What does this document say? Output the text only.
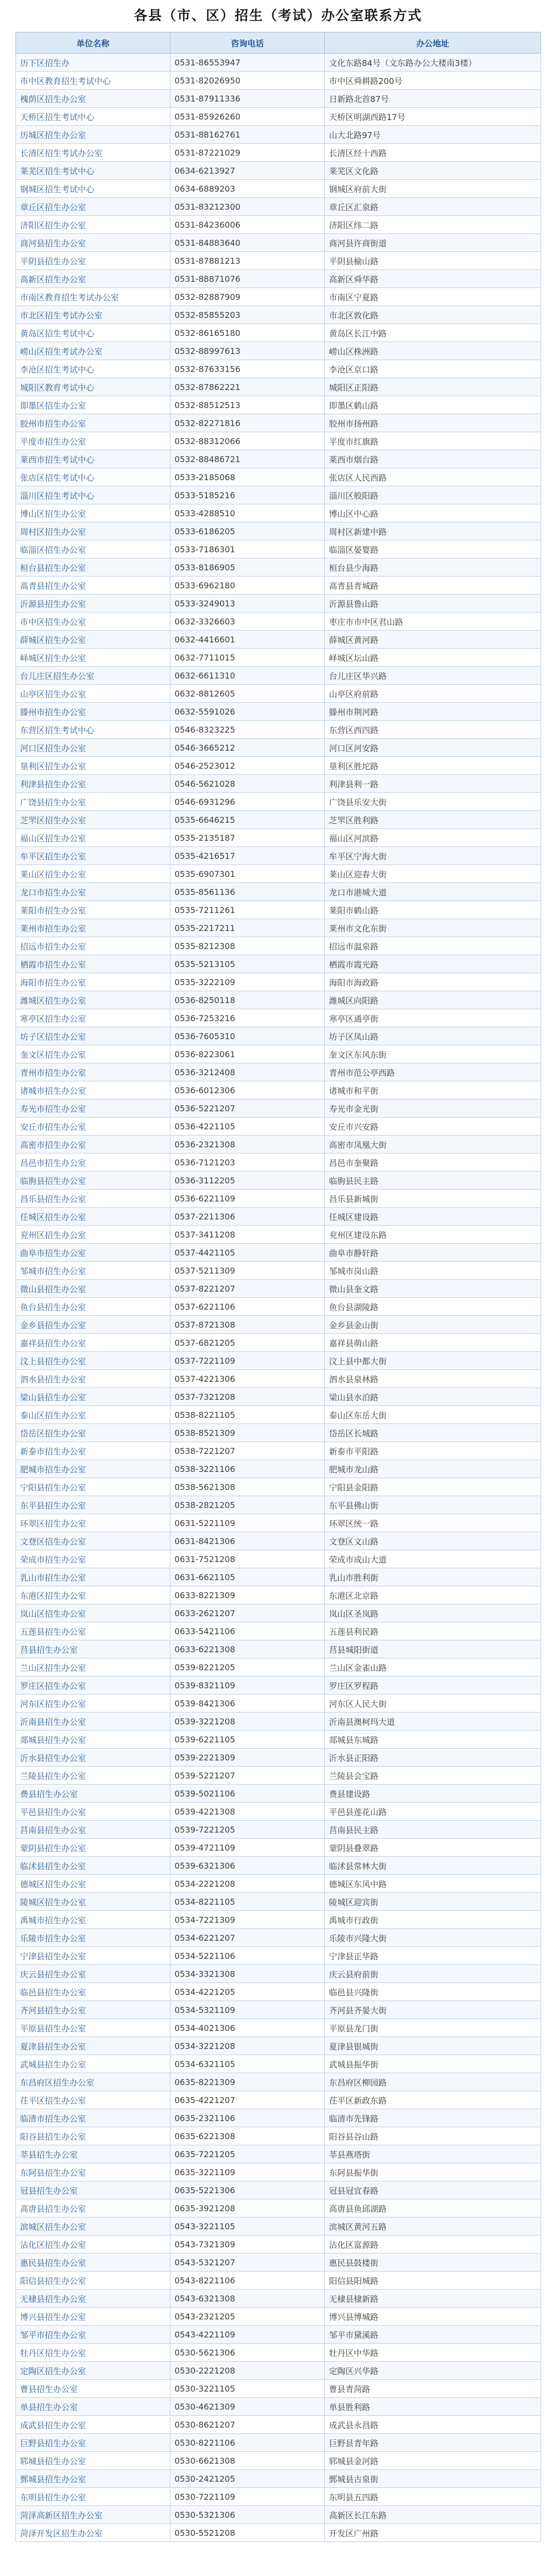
各县（市、区）招生（考试）办公室联系方式
单位名称	咨询电话	办公地址
历下区招生办	0531-86553947	文化东路84号（文东路办公大楼南3楼）
市中区教育招生考试中心	0531-82026950	市中区舜耕路200号
槐荫区招生办公室	0531-87911336	日新路北首87号
天桥区招生考试中心	0531-85926260	天桥区明湖西路17号
历城区招生办公室	0531-88162761	山大北路97号
长清区招生考试办公室	0531-87221029	长清区经十西路
莱芜区招生考试中心	0634-6213927	莱芜区文化路
钢城区招生考试中心	0634-6889203	钢城区府前大街
章丘区招生办公室	0531-83212300	章丘区汇泉路
济阳区招生办公室	0531-84236006	济阳区纬二路
商河县招生办公室	0531-84883640	商河县许商街道
平阴县招生办公室	0531-87881213	平阴县榆山路
高新区招生办公室	0531-88871076	高新区舜华路
市南区教育招生考试办公室	0532-82887909	市南区宁夏路
市北区招生考试办公室	0532-85855203	市北区敦化路
黄岛区招生考试中心	0532-86165180	黄岛区长江中路
崂山区招生考试办公室	0532-88997613	崂山区株洲路
李沧区招生考试中心	0532-87633156	李沧区京口路
城阳区教育考试中心	0532-87862221	城阳区正阳路
即墨区招生办公室	0532-88512513	即墨区鹤山路
胶州市招生办公室	0532-82271816	胶州市扬州路
平度市招生办公室	0532-88312066	平度市红旗路
莱西市招生考试中心	0532-88486721	莱西市烟台路
张店区招生考试中心	0533-2185068	张店区人民西路
淄川区招生考试中心	0533-5185216	淄川区般阳路
博山区招生办公室	0533-4288510	博山区中心路
周村区招生办公室	0533-6186205	周村区新建中路
临淄区招生办公室	0533-7186301	临淄区晏婴路
桓台县招生办公室	0533-8186905	桓台县少海路
高青县招生办公室	0533-6962180	高青县青城路
沂源县招生办公室	0533-3249013	沂源县鲁山路
市中区招生办公室	0632-3326603	枣庄市市中区君山路
薛城区招生办公室	0632-4416601	薛城区黄河路
峄城区招生办公室	0632-7711015	峄城区坛山路
台儿庄区招生办公室	0632-6611310	台儿庄区华兴路
山亭区招生办公室	0632-8812605	山亭区府前路
滕州市招生办公室	0632-5591026	滕州市荆河路
东营区招生考试中心	0546-8323225	东营区西四路
河口区招生办公室	0546-3665212	河口区河安路
垦利区招生办公室	0546-2523012	垦利区胜坨路
利津县招生办公室	0546-5621028	利津县利一路
广饶县招生办公室	0546-6931296	广饶县乐安大街
芝罘区招生办公室	0535-6646215	芝罘区胜利路
福山区招生办公室	0535-2135187	福山区河滨路
牟平区招生办公室	0535-4216517	牟平区宁海大街
莱山区招生办公室	0535-6907301	莱山区迎春大街
龙口市招生办公室	0535-8561136	龙口市港城大道
莱阳市招生办公室	0535-7211261	莱阳市鹤山路
莱州市招生办公室	0535-2217211	莱州市文化东街
招远市招生办公室	0535-8212308	招远市温泉路
栖霞市招生办公室	0535-5213105	栖霞市霞光路
海阳市招生办公室	0535-3222109	海阳市海政路
潍城区招生办公室	0536-8250118	潍城区向阳路
寒亭区招生办公室	0536-7253216	寒亭区通亭街
坊子区招生办公室	0536-7605310	坊子区凤山路
奎文区招生办公室	0536-8223061	奎文区东风东街
青州市招生办公室	0536-3212408	青州市范公亭西路
诸城市招生办公室	0536-6012306	诸城市和平街
寿光市招生办公室	0536-5221207	寿光市金光街
安丘市招生办公室	0536-4221105	安丘市兴安路
高密市招生办公室	0536-2321308	高密市凤凰大街
昌邑市招生办公室	0536-7121203	昌邑市奎聚路
临朐县招生办公室	0536-3112205	临朐县民主路
昌乐县招生办公室	0536-6221109	昌乐县新城街
任城区招生办公室	0537-2211306	任城区建设路
兖州区招生办公室	0537-3411208	兖州区建设东路
曲阜市招生办公室	0537-4421105	曲阜市静轩路
邹城市招生办公室	0537-5211309	邹城市岗山路
微山县招生办公室	0537-8221207	微山县奎文路
鱼台县招生办公室	0537-6221106	鱼台县湖陵路
金乡县招生办公室	0537-8721308	金乡县金山街
嘉祥县招生办公室	0537-6821205	嘉祥县萌山路
汶上县招生办公室	0537-7221109	汶上县中都大街
泗水县招生办公室	0537-4221306	泗水县泉林路
梁山县招生办公室	0537-7321208	梁山县水泊路
泰山区招生办公室	0538-8221105	泰山区东岳大街
岱岳区招生办公室	0538-8521309	岱岳区长城路
新泰市招生办公室	0538-7221207	新泰市平阳路
肥城市招生办公室	0538-3221106	肥城市龙山路
宁阳县招生办公室	0538-5621308	宁阳县金阳路
东平县招生办公室	0538-2821205	东平县佛山街
环翠区招生办公室	0631-5221109	环翠区统一路
文登区招生办公室	0631-8421306	文登区文山路
荣成市招生办公室	0631-7521208	荣成市成山大道
乳山市招生办公室	0631-6621105	乳山市胜利街
东港区招生办公室	0633-8221309	东港区北京路
岚山区招生办公室	0633-2621207	岚山区圣岚路
五莲县招生办公室	0633-5421106	五莲县利民路
莒县招生办公室	0633-6221308	莒县城阳街道
兰山区招生办公室	0539-8221205	兰山区金雀山路
罗庄区招生办公室	0539-8321109	罗庄区罗程路
河东区招生办公室	0539-8421306	河东区人民大街
沂南县招生办公室	0539-3221208	沂南县澳柯玛大道
郯城县招生办公室	0539-6221105	郯城县东城路
沂水县招生办公室	0539-2221309	沂水县正阳路
兰陵县招生办公室	0539-5221207	兰陵县会宝路
费县招生办公室	0539-5021106	费县建设路
平邑县招生办公室	0539-4221308	平邑县莲花山路
莒南县招生办公室	0539-7221205	莒南县民主路
蒙阴县招生办公室	0539-4721109	蒙阴县叠翠路
临沭县招生办公室	0539-6321306	临沭县常林大街
德城区招生办公室	0534-2221208	德城区东风中路
陵城区招生办公室	0534-8221105	陵城区迎宾街
禹城市招生办公室	0534-7221309	禹城市行政街
乐陵市招生办公室	0534-6221207	乐陵市兴隆大街
宁津县招生办公室	0534-5221106	宁津县正华路
庆云县招生办公室	0534-3321308	庆云县府前街
临邑县招生办公室	0534-4221205	临邑县兴隆街
齐河县招生办公室	0534-5321109	齐河县齐晏大街
平原县招生办公室	0534-4021306	平原县龙门街
夏津县招生办公室	0534-3221208	夏津县银城街
武城县招生办公室	0534-6321105	武城县振华街
东昌府区招生办公室	0635-8221309	东昌府区柳园路
茌平区招生办公室	0635-4221207	茌平区新政东路
临清市招生办公室	0635-2321106	临清市先锋路
阳谷县招生办公室	0635-6221308	阳谷县谷山路
莘县招生办公室	0635-7221205	莘县燕塔街
东阿县招生办公室	0635-3221109	东阿县振华街
冠县招生办公室	0635-5221306	冠县冠宜春路
高唐县招生办公室	0635-3921208	高唐县鱼邱湖路
滨城区招生办公室	0543-3221105	滨城区黄河五路
沾化区招生办公室	0543-7321309	沾化区富源路
惠民县招生办公室	0543-5321207	惠民县鼓楼街
阳信县招生办公室	0543-8221106	阳信县阳城路
无棣县招生办公室	0543-6321308	无棣县棣新路
博兴县招生办公室	0543-2321205	博兴县博城路
邹平市招生办公室	0543-4221109	邹平市黛溪路
牡丹区招生办公室	0530-5621306	牡丹区中华路
定陶区招生办公室	0530-2221208	定陶区兴华路
曹县招生办公室	0530-3221105	曹县青菏路
单县招生办公室	0530-4621309	单县胜利路
成武县招生办公室	0530-8621207	成武县永昌路
巨野县招生办公室	0530-8221106	巨野县青年路
郓城县招生办公室	0530-6621308	郓城县金河路
鄄城县招生办公室	0530-2421205	鄄城县古泉街
东明县招生办公室	0530-7221109	东明县五四路
菏泽高新区招生办公室	0530-5321306	高新区长江东路
菏泽开发区招生办公室	0530-5521208	开发区广州路
